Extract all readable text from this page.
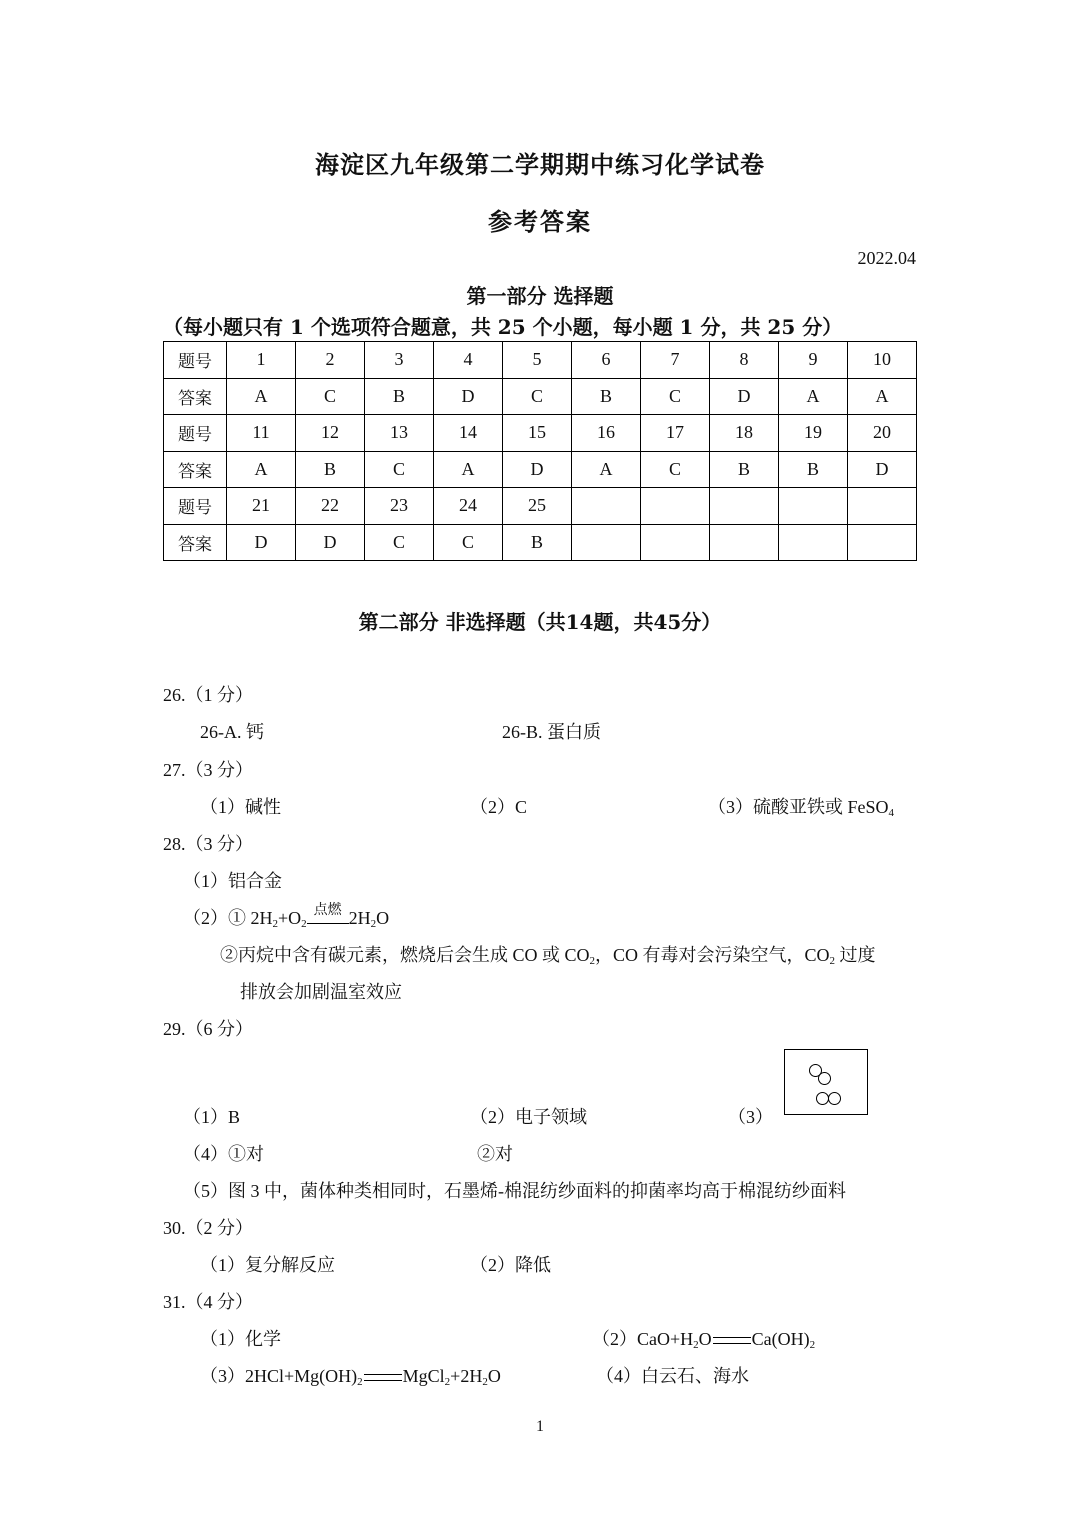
海淀区九年级第二学期期中练习化学试卷
参考答案
2022.04
第一部分 选择题
（每小题只有 1 个选项符合题意，共 25 个小题，每小题 1 分，共 25 分）
题号	1	2	3	4	5	6	7	8	9	10
答案	A	C	B	D	C	B	C	D	A	A
题号	11	12	13	14	15	16	17	18	19	20
答案	A	B	C	A	D	A	C	B	B	D
题号	21	22	23	24	25					
答案	D	D	C	C	B					
第二部分 非选择题（共14题，共45分）
26.（1 分）
26-A. 钙	26-B. 蛋白质
27.（3 分）
（1）碱性	（2）C	（3）硫酸亚铁或 FeSO$_4$
28.（3 分）
（1）铝合金
（2）① $2H_2+O_2$
点燃 $2H_2O$
②丙烷中含有碳元素，燃烧后会生成 CO 或 $CO_2$，CO 有毒对会污染空气，$CO_2$ 过度
排放会加剧温室效应
29.（6 分）
（1）B	（2）电子领域	（3）
（4）①对	②对
（5）图 3 中，菌体种类相同时，石墨烯-棉混纺纱面料的抑菌率均高于棉混纺纱面料
30.（2 分）
（1）复分解反应	（2）降低
31.（4 分）
（1）化学	$(2)CaO+H_2O$ $Ca(OH)_2$
$(3)2HCl+Mg(OH)_2$ $MgCl_2+2H_2O$	（4）白云石、海水
1
